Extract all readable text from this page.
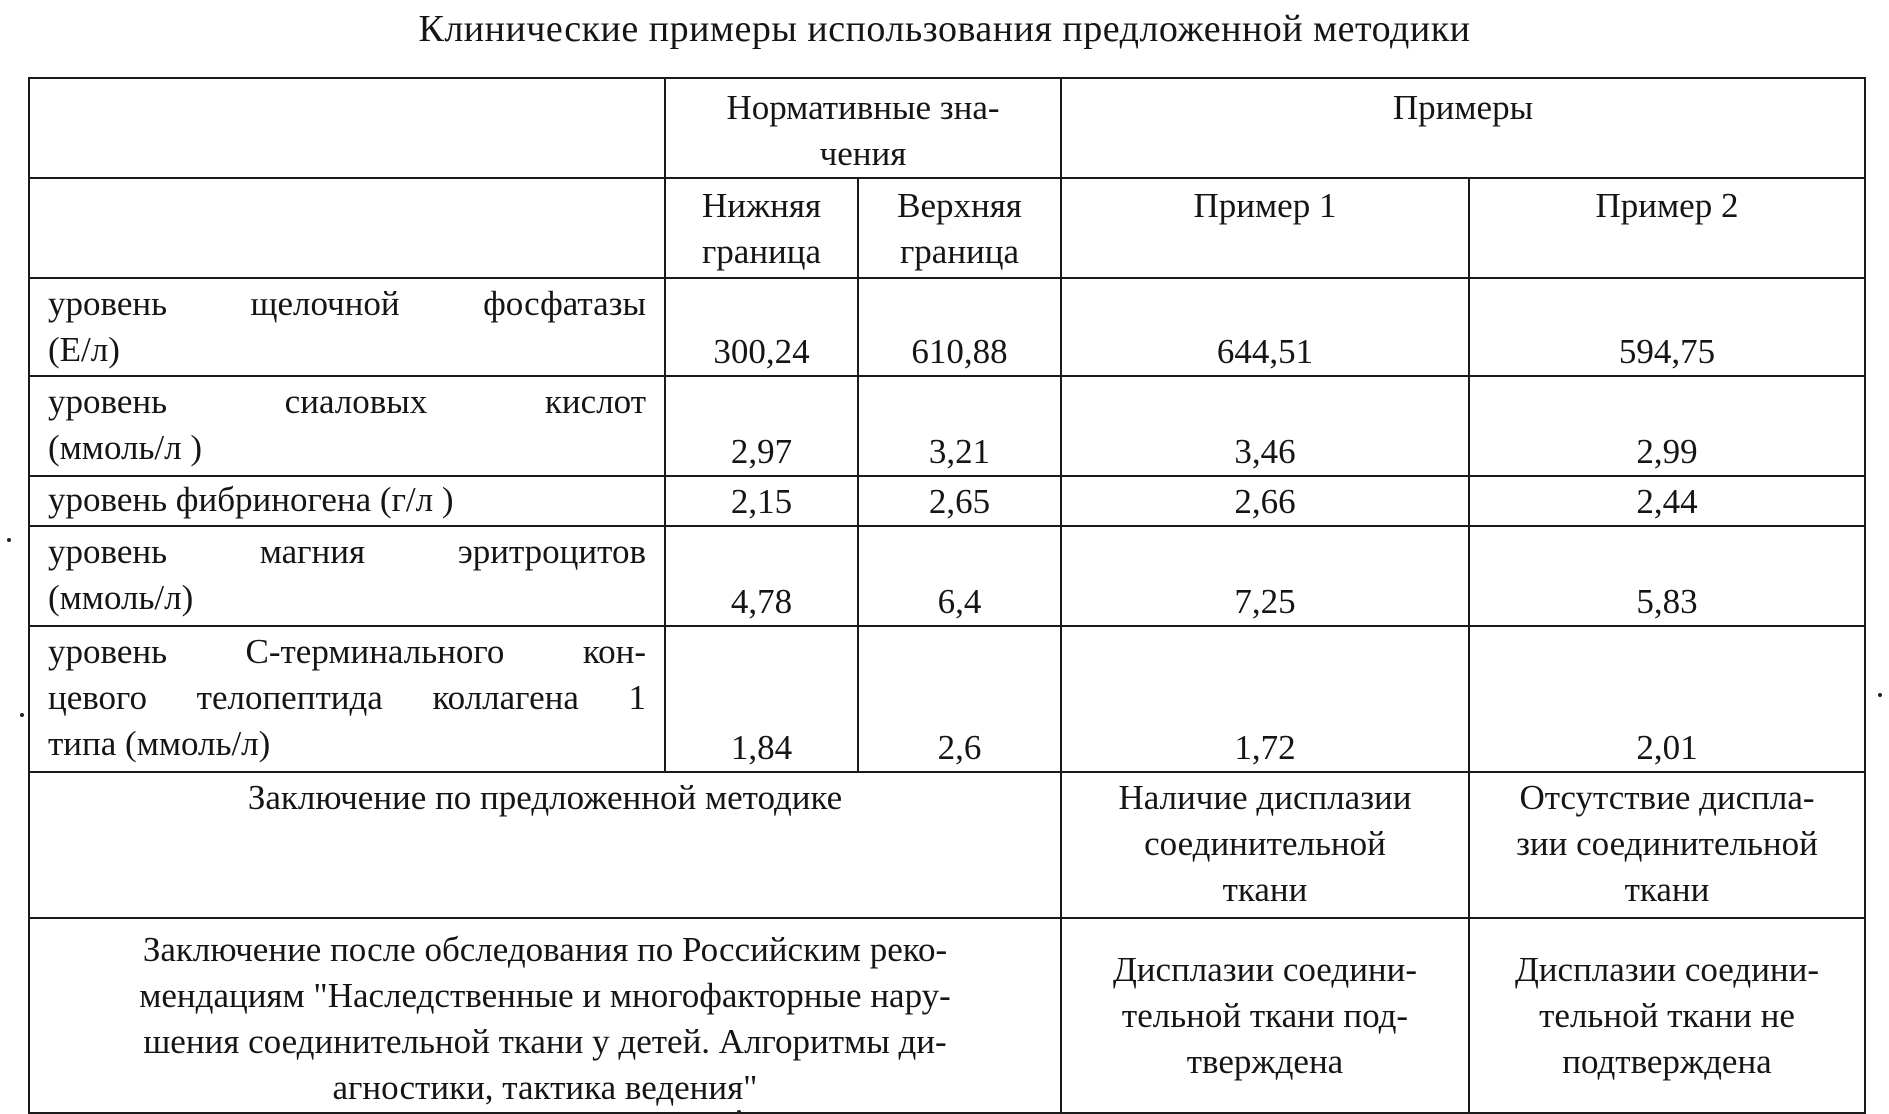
Клинические примеры использования предложенной методики

	Нормативные зна-
чения		Примеры	

	Нижняя
граница	Верхняя
граница	Пример 1	Пример 2

уровень щелочной фосфатазы
(Е/л)	300,24	610,88	644,51	594,75

уровень сиаловых кислот
(ммоль/л )	2,97	3,21	3,46	2,99

уровень фибриногена (г/л )	2,15	2,65	2,66	2,44

уровень магния эритроцитов
(ммоль/л)	4,78	6,4	7,25	5,83

уровень С-терминального кон-
цевого телопептида коллагена 1
типа (ммоль/л)	1,84	2,6	1,72	2,01
Заключение по предложенной методике			Наличие дисплазии
соединительной
ткани	Отсутствие диспла-
зии соединительной
ткани

Заключение после обследования по Российским реко-
мендациям "Наследственные и многофакторные нару-
шения соединительной ткани у детей. Алгоритмы ди-
агностики, тактика ведения"			Дисплазии соедини-
тельной ткани под-
тверждена	Дисплазии соедини-
тельной ткани не
подтверждена
